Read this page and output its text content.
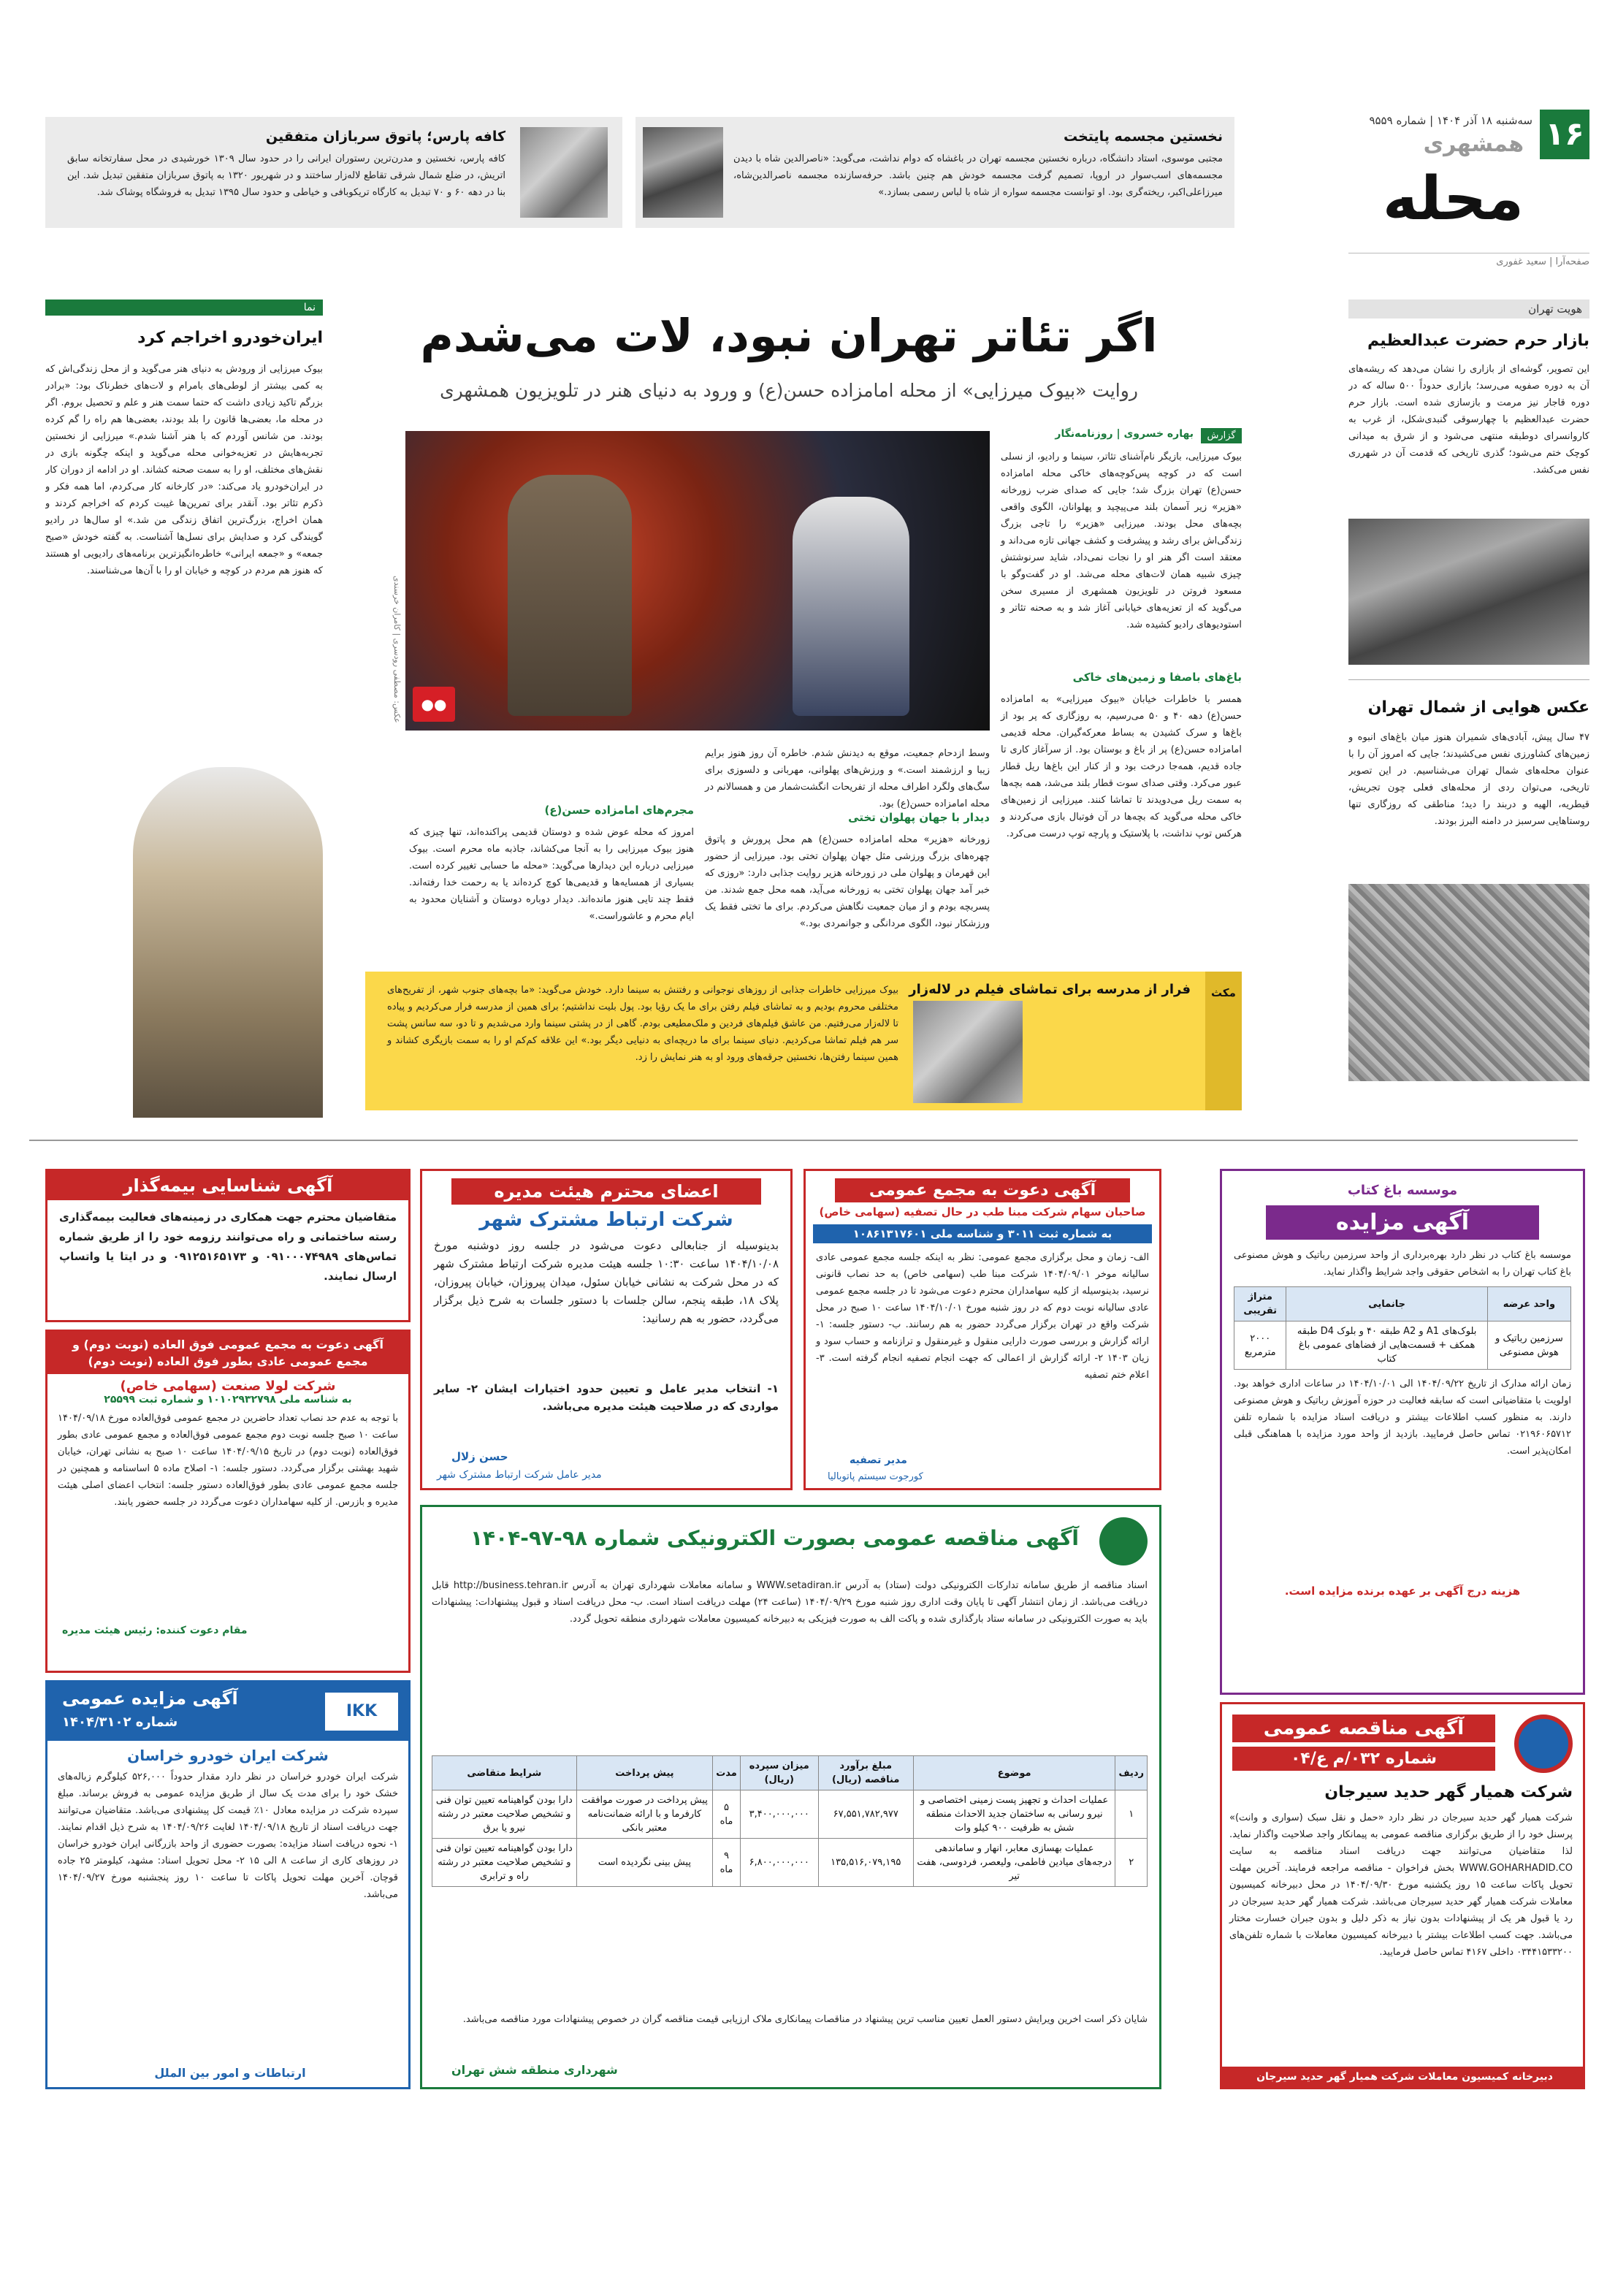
۱۶
سه‌شنبه ۱۸ آذر ۱۴۰۴ | شماره ۹۵۵۹
همشهری
محله
صفحه‌آرا | سعید غفوری
نخستین مجسمه پایتخت
مجتبی موسوی، استاد دانشگاه، درباره نخستین مجسمه تهران در باغشاه که دوام نداشت، می‌گوید: «ناصرالدین شاه با دیدن مجسمه‌های اسب‌سوار در اروپا، تصمیم گرفت مجسمه خودش هم چنین باشد. حرفه‌سازنده مجسمه ناصرالدین‌شاه، میرزاعلی‌اکبر، ریخته‌گری بود. او توانست مجسمه سواره از شاه با لباس رسمی بسازد.»
کافه پارس؛ پاتوق سربازان متفقین
کافه پارس، نخستین و مدرن‌ترین رستوران ایرانی را در حدود سال ۱۳۰۹ خورشیدی در محل سفارتخانه سابق اتریش، در ضلع شمال شرقی تقاطع لاله‌زار ساختند و در شهریور ۱۳۲۰ به پاتوق سربازان متفقین تبدیل شد. این بنا در دهه ۶۰ و ۷۰ تبدیل به کارگاه تریکوبافی و خیاطی و حدود سال ۱۳۹۵ تبدیل به فروشگاه پوشاک شد.
هویت تهران
بازار حرم حضرت عبدالعظیم
این تصویر، گوشه‌ای از بازاری را نشان می‌دهد که ریشه‌های آن به دوره صفویه می‌رسد؛ بازاری حدوداً ۵۰۰ ساله که در دوره قاجار نیز مرمت و بازسازی شده است. بازار حرم حضرت عبدالعظیم با چهارسوقی گنبدی‌شکل، از غرب به کاروانسرای دوطبقه منتهی می‌شود و از شرق به میدانی کوچک ختم می‌شود؛ گذری تاریخی که قدمت آن در شهرری نفس می‌کشد.
عکس هوایی از شمال تهران
۴۷ سال پیش، آبادی‌های شمیران هنوز میان باغ‌های انبوه و زمین‌های کشاورزی نفس می‌کشیدند؛ جایی که امروز آن را با عنوان محله‌های شمال تهران می‌شناسیم. در این تصویر تاریخی، می‌توان ردی از محله‌های فعلی چون تجریش، قیطریه، الهیه و دربند را دید؛ مناطقی که روزگاری تنها روستاهایی سرسبز در دامنه البرز بودند.
اگر تئاتر تهران نبود، لات می‌شدم
روایت «بیوک میرزایی» از محله امامزاده حسن‌(ع) و ورود به دنیای هنر در تلویزیون همشهری
گزارش
بهاره خسروی | روزنامه‌نگار
بیوک میرزایی، بازیگر نام‌آشنای تئاتر، سینما و رادیو، از نسلی است که در کوچه پس‌کوچه‌های خاکی محله امامزاده حسن(ع) تهران بزرگ شد؛ جایی که صدای ضرب زورخانه «هزیر» زیر آسمان بلند می‌پیچید و پهلوانان، الگوی واقعی بچه‌های محل بودند. میرزایی «هزیر» را تاجی بزرگ زندگی‌اش برای رشد و پیشرفت و کشف جهانی تازه می‌داند و معتقد است اگر هنر او را نجات نمی‌داد، شاید سرنوشتش چیزی شبیه همان لات‌های محله می‌شد. او در گفت‌وگو با مسعود فروتن در تلویزیون همشهری از مسیری سخن می‌گوید که از تعزیه‌های خیابانی آغاز شد و به صحنه تئاتر و استودیوهای رادیو کشیده شد.
باغ‌های باصفا و زمین‌های خاکی
همسر با خاطرات خیابان «بیوک میرزایی» به امامزاده حسن(ع) دهه ۴۰ و ۵۰ می‌رسیم، به روزگاری که پر بود از باغ‌ها و سرک کشیدن به بساط معرکه‌گیران. محله قدیمی امامزاده حسن(ع) پر از باغ و بوستان بود. از سرآغاز کاری تا جاده قدیم، همه‌جا درخت بود و از کنار این باغ‌ها ریل قطار عبور می‌کرد. وقتی صدای سوت قطار بلند می‌شد، همه بچه‌ها به سمت ریل می‌دویدند تا تماشا کنند. میرزایی از زمین‌های خاکی محله می‌گوید که بچه‌ها در آن فوتبال بازی می‌کردند و هرکس توپ نداشت، با پلاستیک و پارچه توپ درست می‌کرد.
●●
عکس: مصطفی رودسری | کامران خرسندی
دیدار با جهان پهلوان تختی
زورخانه «هزیر» محله امامزاده حسن(ع) هم محل پرورش و پاتوق چهره‌های بزرگ ورزشی مثل جهان پهلوان تختی بود. میرزایی از حضور این قهرمان و پهلوان ملی در زورخانه هزیر روایت جذابی دارد: «روزی که خبر آمد جهان پهلوان تختی به زورخانه می‌آید، همه محل جمع شدند. من پسربچه بودم و از میان جمعیت نگاهش می‌کردم. برای ما تختی فقط یک ورزشکار نبود، الگوی مردانگی و جوانمردی بود.»
وسط ازدحام جمعیت، موقع به دیدنش شدم. خاطره آن روز هنوز برایم زیبا و ارزشمند است.» و ورزش‌های پهلوانی، مهربانی و دلسوزی برای سگ‌های ولگرد اطراف محله از تفریحات انگشت‌شمار من و همسالانم در محله امامزاده حسن(ع) بود.
مجرم‌های امامزاده حسن(ع)
امروز که محله عوض شده و دوستان قدیمی پراکنده‌اند، تنها چیزی که هنوز بیوک میرزایی را به آنجا می‌کشاند، جاذبه ماه محرم است. بیوک میرزایی درباره این دیدارها می‌گوید: «محله ما حسابی تغییر کرده است. بسیاری از همسایه‌ها و قدیمی‌ها کوچ کرده‌اند یا به رحمت خدا رفته‌اند. فقط چند تایی هنوز مانده‌اند. دیدار دوباره دوستان و آشنایان محدود به ایام محرم و عاشوراست.»
مکث
فرار از مدرسه برای تماشای فیلم در لاله‌زار
بیوک میرزایی خاطرات جذابی از روزهای نوجوانی و رفتنش به سینما دارد. خودش می‌گوید: «ما بچه‌های جنوب شهر، از تفریح‌های مختلفی محروم بودیم و به تماشای فیلم رفتن برای ما یک رؤیا بود. پول بلیت نداشتیم؛ برای همین از مدرسه فرار می‌کردیم و پیاده تا لاله‌زار می‌رفتیم. من عاشق فیلم‌های فردین و ملک‌مطیعی بودم. گاهی از در پشتی سینما وارد می‌شدیم و تا دو، سه سانس پشت سر هم فیلم تماشا می‌کردیم. دنیای سینما برای ما دریچه‌ای به دنیایی دیگر بود.» این علاقه کم‌کم او را به سمت بازیگری کشاند و همین سینما رفتن‌ها، نخستین جرقه‌های ورود او به هنر نمایش را زد.
نما
ایران‌خودرو اخراجم کرد
بیوک میرزایی از ورودش به دنیای هنر می‌گوید و از محل زندگی‌اش که به کمی بیشتر از لوطی‌های بامرام و لات‌های خطرناک بود: «برادر بزرگم تاکید زیادی داشت که حتما سمت هنر و علم و تحصیل بروم. اگر در محله ما، بعضی‌ها قانون را بلد بودند، بعضی‌ها هم راه را گم کرده بودند. من شانس آوردم که با هنر آشنا شدم.» میرزایی از نخستین تجربه‌هایش در تعزیه‌خوانی محله می‌گوید و اینکه چگونه بازی در نقش‌های مختلف، او را به سمت صحنه کشاند. او در ادامه از دوران کار در ایران‌خودرو یاد می‌کند: «در کارخانه کار می‌کردم، اما همه فکر و ذکرم تئاتر بود. آنقدر برای تمرین‌ها غیبت کردم که اخراجم کردند و همان اخراج، بزرگ‌ترین اتفاق زندگی من شد.» او سال‌ها در رادیو گویندگی کرد و صدایش برای نسل‌ها آشناست. به گفته خودش «صبح جمعه» و «جمعه ایرانی» خاطره‌انگیزترین برنامه‌های رادیویی او هستند که هنوز هم مردم در کوچه و خیابان او را با آن‌ها می‌شناسند.
موسسه باغ کتاب
آگهی مزایده
موسسه باغ کتاب در نظر دارد بهره‌برداری از واحد سرزمین رباتیک و هوش مصنوعی باغ کتاب تهران را به اشخاص حقوقی واجد شرایط واگذار نماید.
واحد عرضه	جانمایی	متراژ تقریبی
سرزمین رباتیک و هوش مصنوعی	بلوک‌های A1 و A2 طبقه ۴۰ و بلوک D4 طبقه همکف + قسمت‌هایی از فضاهای عمومی باغ کتاب	۲۰۰۰ مترمربع
زمان ارائه مدارک از تاریخ ۱۴۰۴/۰۹/۲۲ الی ۱۴۰۴/۱۰/۰۱ در ساعات اداری خواهد بود. اولویت با متقاضیانی است که سابقه فعالیت در حوزه آموزش رباتیک و هوش مصنوعی دارند. به منظور کسب اطلاعات بیشتر و دریافت اسناد مزایده با شماره تلفن ۰۲۱۹۶۰۶۵۷۱۲ تماس حاصل فرمایید. بازدید از واحد مورد مزایده با هماهنگی قبلی امکان‌پذیر است.
هزینه درج آگهی بر عهده برنده مزایده است.
آگهی مناقصه عمومی
شماره ۰۳۲/م ع/۰۴
شرکت همیار گهر حدید سیرجان
شرکت همیار گهر حدید سیرجان در نظر دارد «حمل و نقل سبک (سواری و وانت)» پرسنل خود را از طریق برگزاری مناقصه عمومی به پیمانکار واجد صلاحیت واگذار نماید. لذا متقاضیان می‌توانند جهت دریافت اسناد مناقصه به سایت WWW.GOHARHADID.CO بخش فراخوان - مناقصه مراجعه فرمایند. آخرین مهلت تحویل پاکات ساعت ۱۵ روز یکشنبه مورخ ۱۴۰۴/۰۹/۳۰ در محل دبیرخانه کمیسیون معاملات شرکت همیار گهر حدید سیرجان می‌باشد. شرکت همیار گهر حدید سیرجان در رد یا قبول هر یک از پیشنهادات بدون نیاز به ذکر دلیل و بدون جبران خسارت مختار می‌باشد. جهت کسب اطلاعات بیشتر با دبیرخانه کمیسیون معاملات با شماره تلفن‌های ۰۳۴۴۱۵۳۳۲۰۰ داخلی ۴۱۶۷ تماس حاصل فرمایید.
دبیرخانه کمیسیون معاملات شرکت همیار گهر حدید سیرجان
آگهی دعوت به مجمع عمومی
صاحبان سهام شرکت مبنا طب در حال تصفیه (سهامی خاص)
به شماره ثبت ۳۰۱۱ و شناسه ملی ۱۰۸۶۱۳۱۷۶۰۱
الف- زمان و محل برگزاری مجمع عمومی: نظر به اینکه جلسه مجمع عمومی عادی سالیانه موخر ۱۴۰۴/۰۹/۰۱ شرکت مبنا طب (سهامی خاص) به حد نصاب قانونی نرسید، بدینوسیله از کلیه سهامداران محترم دعوت می‌شود تا در جلسه مجمع عمومی عادی سالیانه نوبت دوم که در روز شنبه مورخ ۱۴۰۴/۱۰/۰۱ ساعت ۱۰ صبح در محل شرکت واقع در تهران برگزار می‌گردد حضور به هم رسانند. ب- دستور جلسه: ۱- ارائه گزارش و بررسی صورت دارایی منقول و غیرمنقول و ترازنامه و حساب سود و زیان ۱۴۰۳ ۲- ارائه گزارش از اعمالی که جهت انجام تصفیه انجام گرفته است. ۳- اعلام ختم تصفیه
مدیر تصفیه
کورجوت سیستم پاتوبالیا
اعضای محترم هیئت مدیره
شرکت ارتباط مشترک شهر
بدینوسیله از جنابعالی دعوت می‌شود در جلسه روز دوشنبه مورخ ۱۴۰۴/۱۰/۰۸ ساعت ۱۰:۳۰ جلسه هیئت مدیره شرکت ارتباط مشترک شهر که در محل شرکت به نشانی خیابان سئول، میدان پیروزان، خیابان پیروزان، پلاک ۱۸، طبقه پنجم، سالن جلسات با دستور جلسات به شرح ذیل برگزار می‌گردد، حضور به هم رسانید:
۱- انتخاب مدیر عامل و تعیین حدود اختیارات ایشان ۲- سایر مواردی که در صلاحیت هیئت مدیره می‌باشد.
حسن زلال
مدیر عامل شرکت ارتباط مشترک شهر
آگهی شناسایی بیمه‌گذار
متقاضیان محترم جهت همکاری در زمینه‌های فعالیت بیمه‌گذاری رسته ساختمانی و راه می‌توانند رزومه خود را از طریق شماره تماس‌های ۰۹۱۰۰۰۷۴۹۸۹ و ۰۹۱۲۵۱۶۵۱۷۳ و در ایتا یا واتساپ ارسال نمایند.
آگهی دعوت به مجمع عمومی فوق العاده (نوبت دوم) و مجمع عمومی عادی بطور فوق العاده (نوبت دوم)
شرکت لولا صنعت (سهامی خاص)
به شناسه ملی ۱۰۱۰۲۹۳۲۷۹۸ و شماره ثبت ۲۵۵۹۹
با توجه به عدم حد نصاب تعداد حاضرین در مجمع عمومی فوق‌العاده مورخ ۱۴۰۴/۰۹/۱۸ ساعت ۱۰ صبح جلسه نوبت دوم مجمع عمومی فوق‌العاده و مجمع عمومی عادی بطور فوق‌العاده (نوبت دوم) در تاریخ ۱۴۰۴/۰۹/۱۵ ساعت ۱۰ صبح به نشانی تهران، خیابان شهید بهشتی برگزار می‌گردد. دستور جلسه: ۱- اصلاح ماده ۵ اساسنامه و همچنین در جلسه مجمع عمومی عادی بطور فوق‌العاده دستور جلسه: انتخاب اعضای اصلی هیئت مدیره و بازرس. از کلیه سهامداران دعوت می‌گردد در جلسه حضور یابند.
مقام دعوت کننده: رئیس هیئت مدیره
IKK
آگهی مزایده عمومی
شماره ۱۴۰۴/۳۱۰۲
شرکت ایران خودرو خراسان
شرکت ایران خودرو خراسان در نظر دارد مقدار حدوداً ۵۲۶,۰۰۰ کیلوگرم زباله‌های خشک خود را برای مدت یک سال از طریق مزایده عمومی به فروش برساند. مبلغ سپرده شرکت در مزایده معادل ۱۰٪ قیمت کل پیشنهادی می‌باشد. متقاضیان می‌توانند جهت دریافت اسناد از تاریخ ۱۴۰۴/۰۹/۱۸ لغایت ۱۴۰۴/۰۹/۲۶ به شرح ذیل اقدام نمایند. ۱- نحوه دریافت اسناد مزایده: بصورت حضوری از واحد بازرگانی ایران خودرو خراسان در روزهای کاری از ساعت ۸ الی ۱۵ ۲- محل تحویل اسناد: مشهد، کیلومتر ۲۵ جاده قوچان. آخرین مهلت تحویل پاکات تا ساعت ۱۰ روز پنجشنبه مورخ ۱۴۰۴/۰۹/۲۷ می‌باشد.
ارتباطات و امور بین الملل
آگهی مناقصه عمومی بصورت الکترونیکی شماره ۹۸-۹۷-۱۴۰۴
اسناد مناقصه از طریق سامانه تدارکات الکترونیکی دولت (ستاد) به آدرس WWW.setadiran.ir و سامانه معاملات شهرداری تهران به آدرس http://business.tehran.ir قابل دریافت می‌باشد. از زمان انتشار آگهی تا پایان وقت اداری روز شنبه مورخ ۱۴۰۴/۰۹/۲۹ (ساعت ۲۴) مهلت دریافت اسناد است. ب- محل دریافت اسناد و قبول پیشنهادات: پیشنهادات باید به صورت الکترونیکی در سامانه ستاد بارگذاری شده و پاکت الف به صورت فیزیکی به دبیرخانه کمیسیون معاملات شهرداری منطقه تحویل گردد.
ردیف	موضوع	مبلغ برآورد مناقصه (ریال)	میزان سپرده (ریال)	مدت	پیش پرداخت	شرایط متقاضی
۱	عملیات احداث و تجهیز پست زمینی اختصاصی و نیرو رسانی به ساختمان جدید الاحداث منطقه شش به ظرفیت ۹۰۰ کیلو وات	۶۷,۵۵۱,۷۸۲,۹۷۷	۳,۴۰۰,۰۰۰,۰۰۰	۵ ماه	پیش پرداخت در صورت موافقت کارفرما و با ارائه ضمانت‌نامه معتبر بانکی	دارا بودن گواهینامه تعیین توان فنی و تشخیص صلاحیت معتبر در رشته نیرو یا برق
۲	عملیات بهسازی معابر، انهار و ساماندهی درجه‌های میادین فاطمی، ولیعصر، فردوسی، هفت تیر	۱۳۵,۵۱۶,۰۷۹,۱۹۵	۶,۸۰۰,۰۰۰,۰۰۰	۹ ماه	پیش بینی نگردیده است	دارا بودن گواهینامه تعیین توان فنی و تشخیص صلاحیت معتبر در رشته راه و ترابری
شایان ذکر است اخرین ویرایش دستور العمل تعیین مناسب ترین پیشنهاد در مناقصات پیمانکاری ملاک ارزیابی قیمت مناقصه گران در خصوص پیشنهادات مورد مناقصه می‌باشد.
شهرداری منطقه شش تهران
